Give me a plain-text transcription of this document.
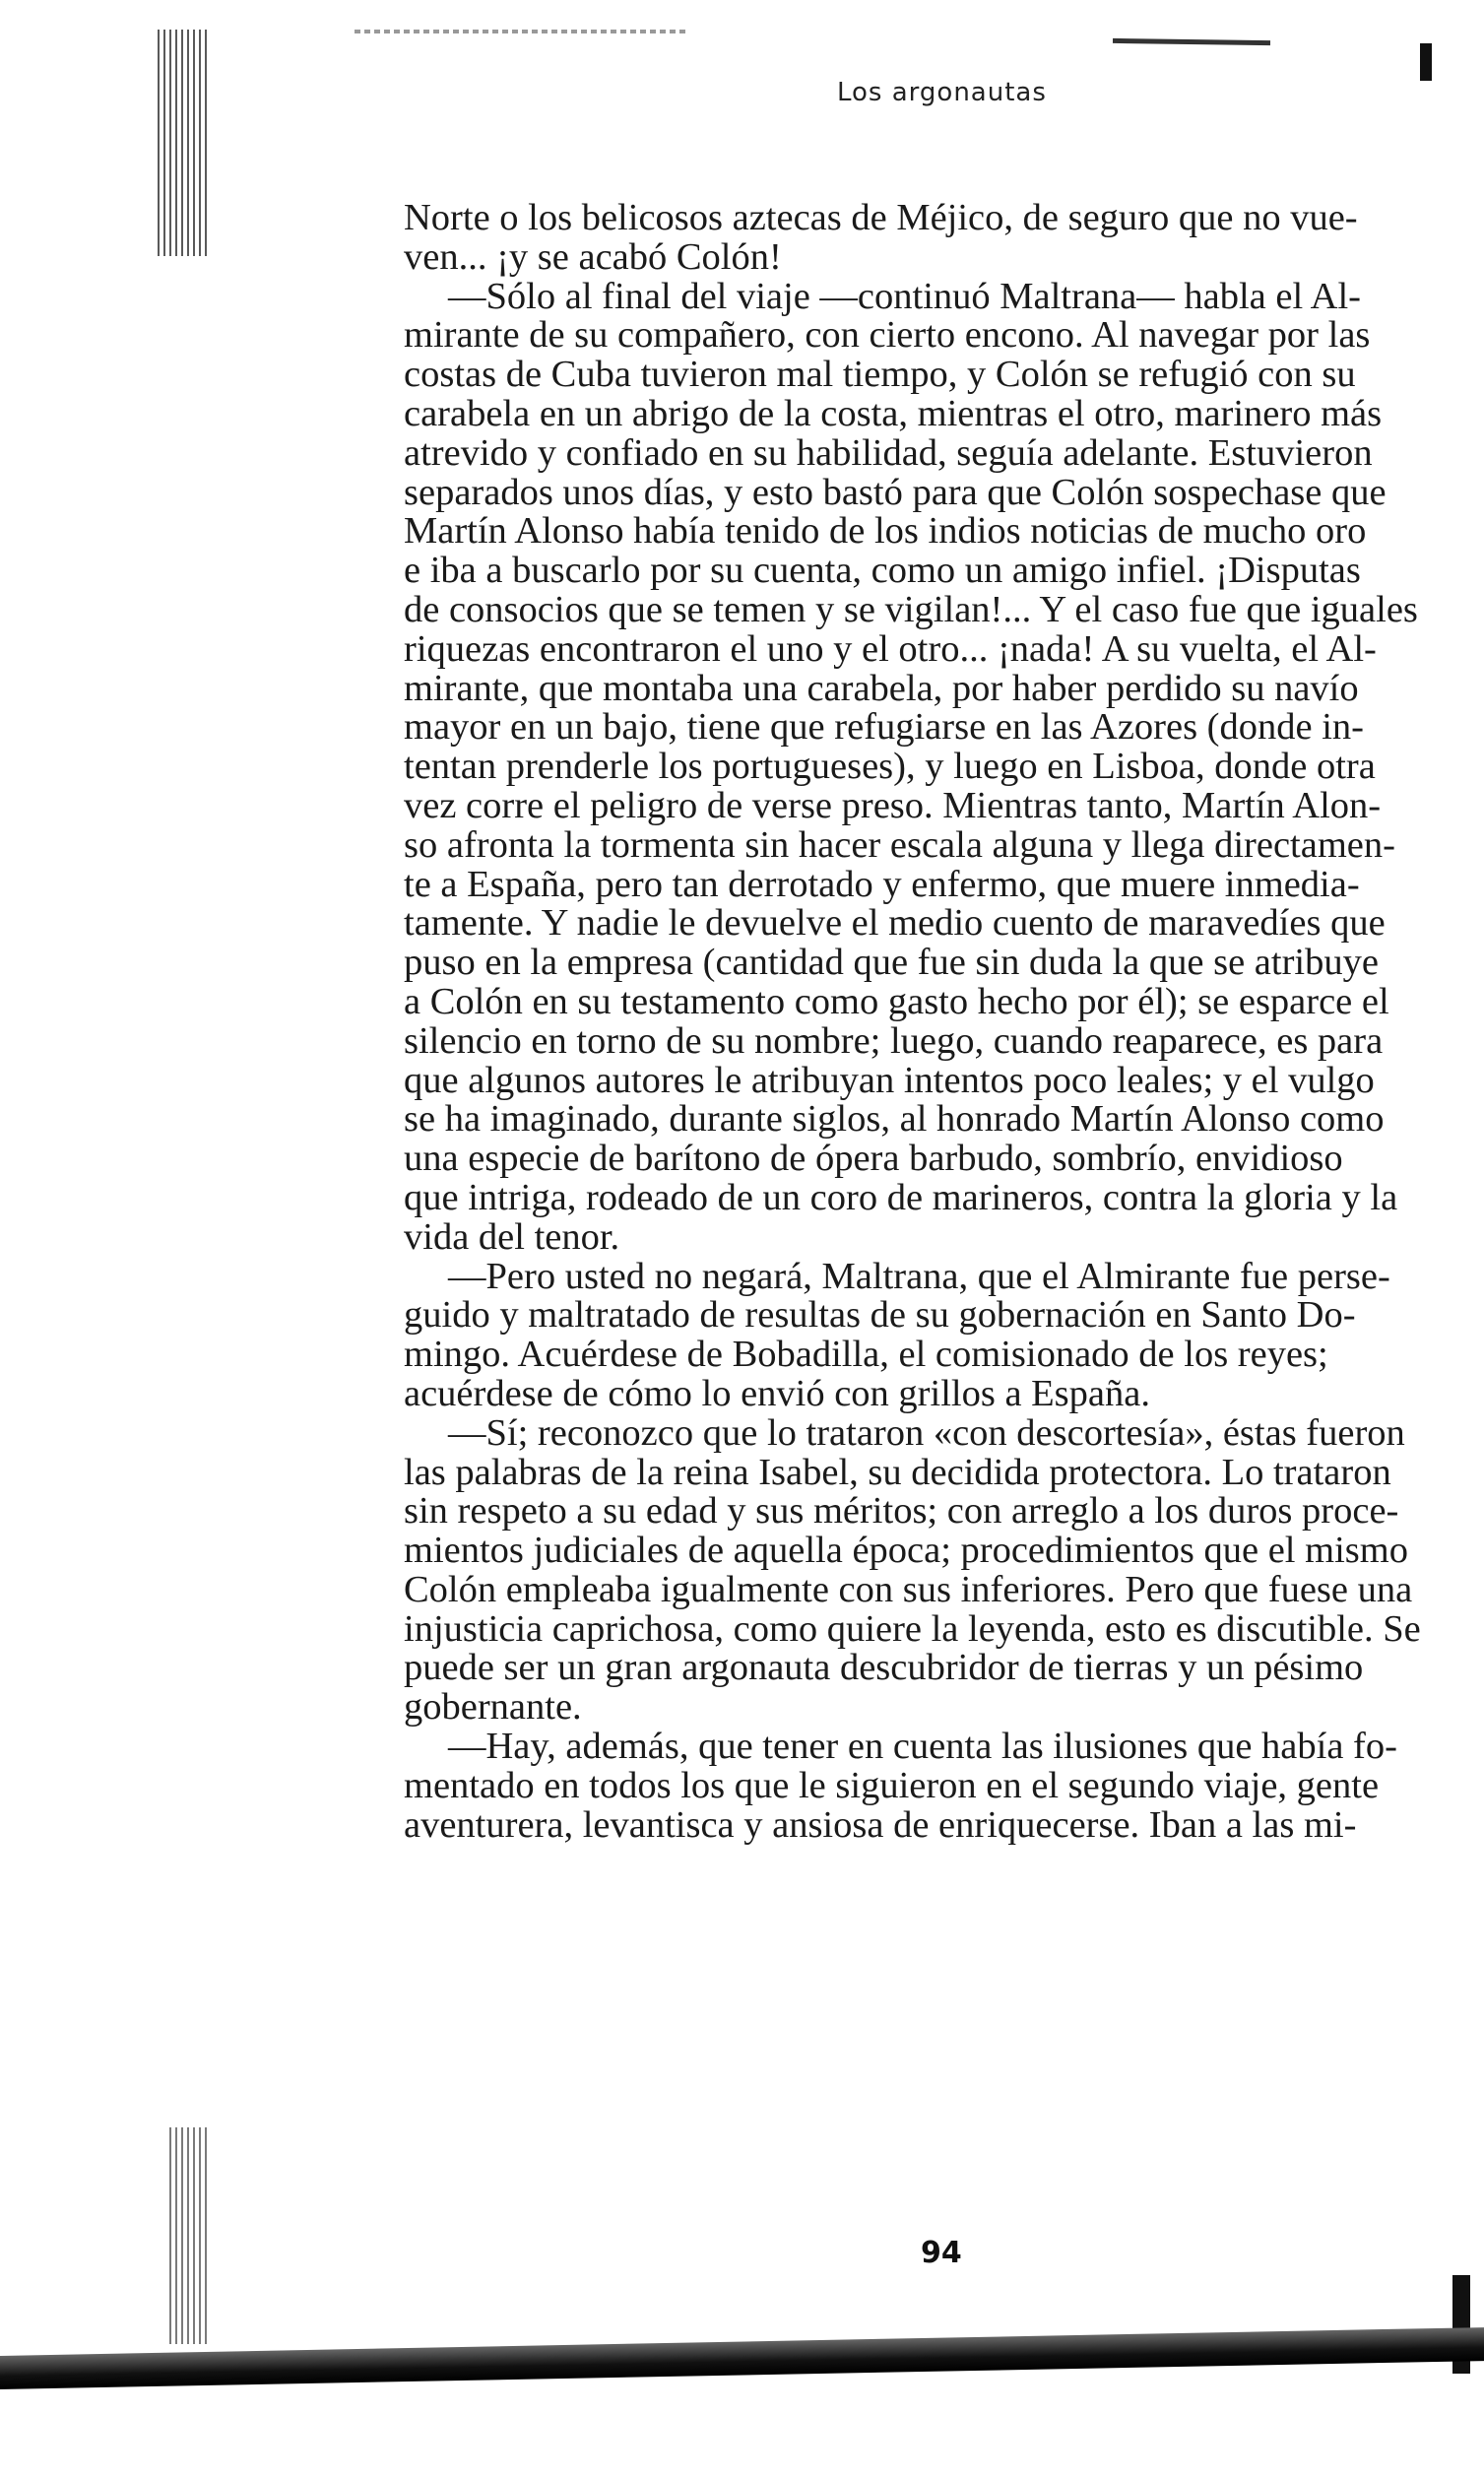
Los argonautas
Norte o los belicosos aztecas de Méjico, de seguro que no vue-
ven... ¡y se acabó Colón!
—Sólo al final del viaje —continuó Maltrana— habla el Al-
mirante de su compañero, con cierto encono. Al navegar por las
costas de Cuba tuvieron mal tiempo, y Colón se refugió con su
carabela en un abrigo de la costa, mientras el otro, marinero más
atrevido y confiado en su habilidad, seguía adelante. Estuvieron
separados unos días, y esto bastó para que Colón sospechase que
Martín Alonso había tenido de los indios noticias de mucho oro
e iba a buscarlo por su cuenta, como un amigo infiel. ¡Disputas
de consocios que se temen y se vigilan!... Y el caso fue que iguales
riquezas encontraron el uno y el otro... ¡nada! A su vuelta, el Al-
mirante, que montaba una carabela, por haber perdido su navío
mayor en un bajo, tiene que refugiarse en las Azores (donde in-
tentan prenderle los portugueses), y luego en Lisboa, donde otra
vez corre el peligro de verse preso. Mientras tanto, Martín Alon-
so afronta la tormenta sin hacer escala alguna y llega directamen-
te a España, pero tan derrotado y enfermo, que muere inmedia-
tamente. Y nadie le devuelve el medio cuento de maravedíes que
puso en la empresa (cantidad que fue sin duda la que se atribuye
a Colón en su testamento como gasto hecho por él); se esparce el
silencio en torno de su nombre; luego, cuando reaparece, es para
que algunos autores le atribuyan intentos poco leales; y el vulgo
se ha imaginado, durante siglos, al honrado Martín Alonso como
una especie de barítono de ópera barbudo, sombrío, envidioso
que intriga, rodeado de un coro de marineros, contra la gloria y la
vida del tenor.
—Pero usted no negará, Maltrana, que el Almirante fue perse-
guido y maltratado de resultas de su gobernación en Santo Do-
mingo. Acuérdese de Bobadilla, el comisionado de los reyes;
acuérdese de cómo lo envió con grillos a España.
—Sí; reconozco que lo trataron «con descortesía», éstas fueron
las palabras de la reina Isabel, su decidida protectora. Lo trataron
sin respeto a su edad y sus méritos; con arreglo a los duros proce-
mientos judiciales de aquella época; procedimientos que el mismo
Colón empleaba igualmente con sus inferiores. Pero que fuese una
injusticia caprichosa, como quiere la leyenda, esto es discutible. Se
puede ser un gran argonauta descubridor de tierras y un pésimo
gobernante.
—Hay, además, que tener en cuenta las ilusiones que había fo-
mentado en todos los que le siguieron en el segundo viaje, gente
aventurera, levantisca y ansiosa de enriquecerse. Iban a las mi-
94
